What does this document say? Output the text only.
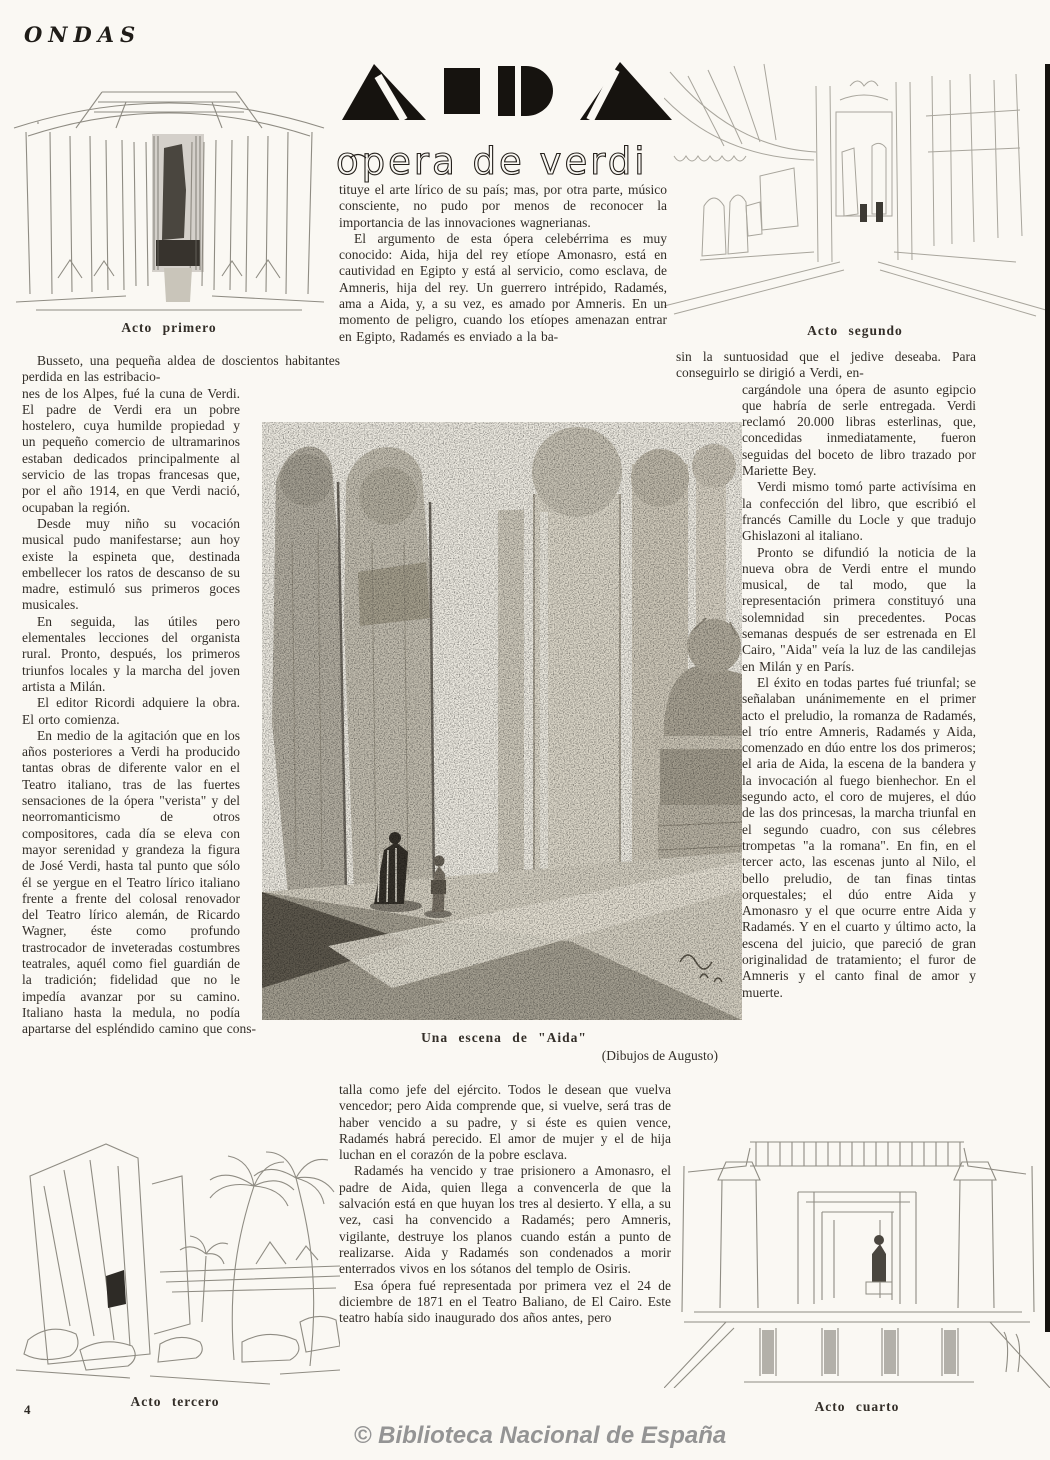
ONDAS
opera de verdi
Acto primero	Acto segundo
Una escena de "Aida"
(Dibujos de Augusto)
Acto tercero	Acto cuarto

Busseto, una pequeña aldea de doscientos habitantes perdida en las estribacio-

nes de los Alpes, fué la cuna de Verdi. El padre de Verdi era un pobre hostelero, cuya humilde propiedad y un pequeño comercio de ultramarinos estaban dedicados principalmente al servicio de las tropas francesas que, por el año 1914, en que Verdi nació, ocupaban la región.

Desde muy niño su vocación musical pudo manifestarse; aun hoy existe la espineta que, destinada embellecer los ratos de descanso de su madre, estimuló sus primeros goces musicales.

En seguida, las útiles pero elementales lecciones del organista rural. Pronto, después, los primeros triunfos locales y la marcha del joven artista a Milán.

El editor Ricordi adquiere la obra. El orto comienza.

En medio de la agitación que en los años posteriores a Verdi ha producido tantas obras de diferente valor en el Teatro italiano, tras de las fuertes sensaciones de la ópera "verista" y del neorromanticismo de otros compositores, cada día se eleva con mayor serenidad y grandeza la figura de José Verdi, hasta tal punto que sólo él se yergue en el Teatro lírico italiano frente a frente del colosal renovador del Teatro lírico alemán, de Ricardo Wagner, éste como profundo trastrocador de inveteradas costumbres teatrales, aquél como fiel guardián de la tradición; fidelidad que no le impedía avanzar por su camino. Italiano hasta la medula, no podía apartarse del espléndido camino que cons-

tituye el arte lírico de su país; mas, por otra parte, músico consciente, no pudo por menos de reconocer la importancia de las innovaciones wagnerianas.

El argumento de esta ópera celebérrima es muy conocido: Aida, hija del rey etíope Amonasro, está en cautividad en Egipto y está al servicio, como esclava, de Amneris, hija del rey. Un guerrero intrépido, Radamés, ama a Aida, y, a su vez, es amado por Amneris. En un momento de peligro, cuando los etíopes amenazan entrar en Egipto, Radamés es enviado a la ba-

talla como jefe del ejército. Todos le desean que vuelva vencedor; pero Aida comprende que, si vuelve, será tras de haber vencido a su padre, y si éste es quien vence, Radamés habrá perecido. El amor de mujer y el de hija luchan en el corazón de la pobre esclava.

Radamés ha vencido y trae prisionero a Amonasro, el padre de Aida, quien llega a convencerla de que la salvación está en que huyan los tres al desierto. Y ella, a su vez, casi ha convencido a Radamés; pero Amneris, vigilante, destruye los planos cuando están a punto de realizarse. Aida y Radamés son condenados a morir enterrados vivos en los sótanos del templo de Osiris.

Esa ópera fué representada por primera vez el 24 de diciembre de 1871 en el Teatro Baliano, de El Cairo. Este teatro había sido inaugurado dos años antes, pero

sin la suntuosidad que el jedive deseaba. Para conseguirlo se dirigió a Verdi, en-

cargándole una ópera de asunto egipcio que habría de serle entregada. Verdi reclamó 20.000 libras esterlinas, que, concedidas inmediatamente, fueron seguidas del boceto de libro trazado por Mariette Bey.

Verdi mismo tomó parte activísima en la confección del libro, que escribió el francés Camille du Locle y que tradujo Ghislazoni al italiano.

Pronto se difundió la noticia de la nueva obra de Verdi entre el mundo musical, de tal modo, que la representación primera constituyó una solemnidad sin precedentes. Pocas semanas después de ser estrenada en El Cairo, "Aida" veía la luz de las candilejas en Milán y en París.

El éxito en todas partes fué triunfal; se señalaban unánimemente en el primer acto el preludio, la romanza de Radamés, el trío entre Amneris, Radamés y Aida, comenzado en dúo entre los dos primeros; el aria de Aida, la escena de la bandera y la invocación al fuego bienhechor. En el segundo acto, el coro de mujeres, el dúo de las dos princesas, la marcha triunfal en el segundo cuadro, con sus célebres trompetas "a la romana". En fin, en el tercer acto, las escenas junto al Nilo, el bello preludio, de tan finas tintas orquestales; el dúo entre Aida y Amonasro y el que ocurre entre Aida y Radamés. Y en el cuarto y último acto, la escena del juicio, que pareció de gran originalidad de tratamiento; el furor de Amneris y el canto final de amor y muerte.

4
© Biblioteca Nacional de España
